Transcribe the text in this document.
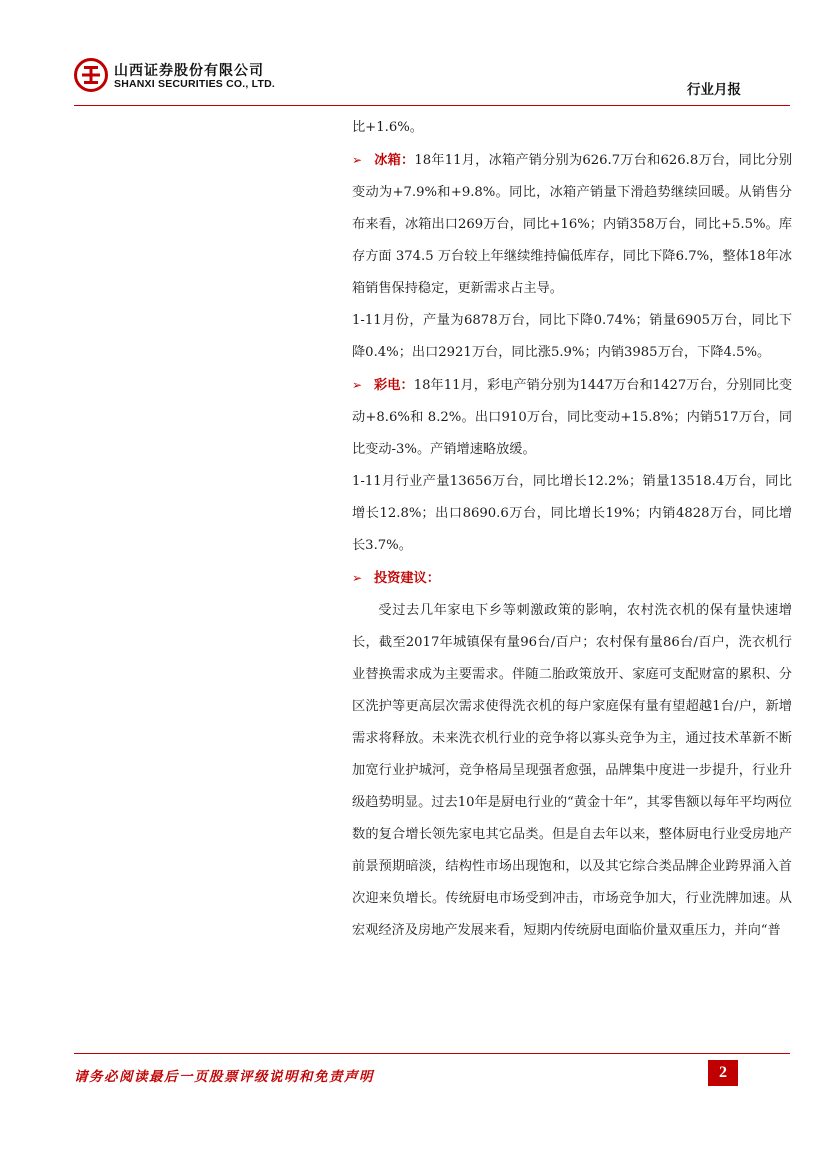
山西证券股份有限公司
SHANXI SECURITIES CO., LTD.	行业月报

比+1.6%。

➢ 冰箱：18年11月，冰箱产销分别为626.7万台和626.8万台，同比分别变动为+7.9%和+9.8%。同比，冰箱产销量下滑趋势继续回暖。从销售分布来看，冰箱出口269万台，同比+16%；内销358万台，同比+5.5%。库存方面 374.5 万台较上年继续维持偏低库存，同比下降6.7%，整体18年冰箱销售保持稳定，更新需求占主导。

1-11月份，产量为6878万台，同比下降0.74%；销量6905万台，同比下降0.4%；出口2921万台，同比涨5.9%；内销3985万台，下降4.5%。

➢ 彩电：18年11月，彩电产销分别为1447万台和1427万台，分别同比变动+8.6%和 8.2%。出口910万台，同比变动+15.8%；内销517万台，同比变动-3%。产销增速略放缓。

1-11月行业产量13656万台，同比增长12.2%；销量13518.4万台，同比增长12.8%；出口8690.6万台，同比增长19%；内销4828万台，同比增长3.7%。

➢ 投资建议：

受过去几年家电下乡等刺激政策的影响，农村洗衣机的保有量快速增长，截至2017年城镇保有量96台/百户；农村保有量86台/百户，洗衣机行业替换需求成为主要需求。伴随二胎政策放开、家庭可支配财富的累积、分区洗护等更高层次需求使得洗衣机的每户家庭保有量有望超越1台/户，新增需求将释放。未来洗衣机行业的竞争将以寡头竞争为主，通过技术革新不断加宽行业护城河，竞争格局呈现强者愈强，品牌集中度进一步提升，行业升级趋势明显。过去10年是厨电行业的“黄金十年”，其零售额以每年平均两位数的复合增长领先家电其它品类。但是自去年以来，整体厨电行业受房地产前景预期暗淡，结构性市场出现饱和，以及其它综合类品牌企业跨界涌入首次迎来负增长。传统厨电市场受到冲击，市场竞争加大，行业洗牌加速。从宏观经济及房地产发展来看，短期内传统厨电面临价量双重压力，并向“普

请务必阅读最后一页股票评级说明和免责声明	2
